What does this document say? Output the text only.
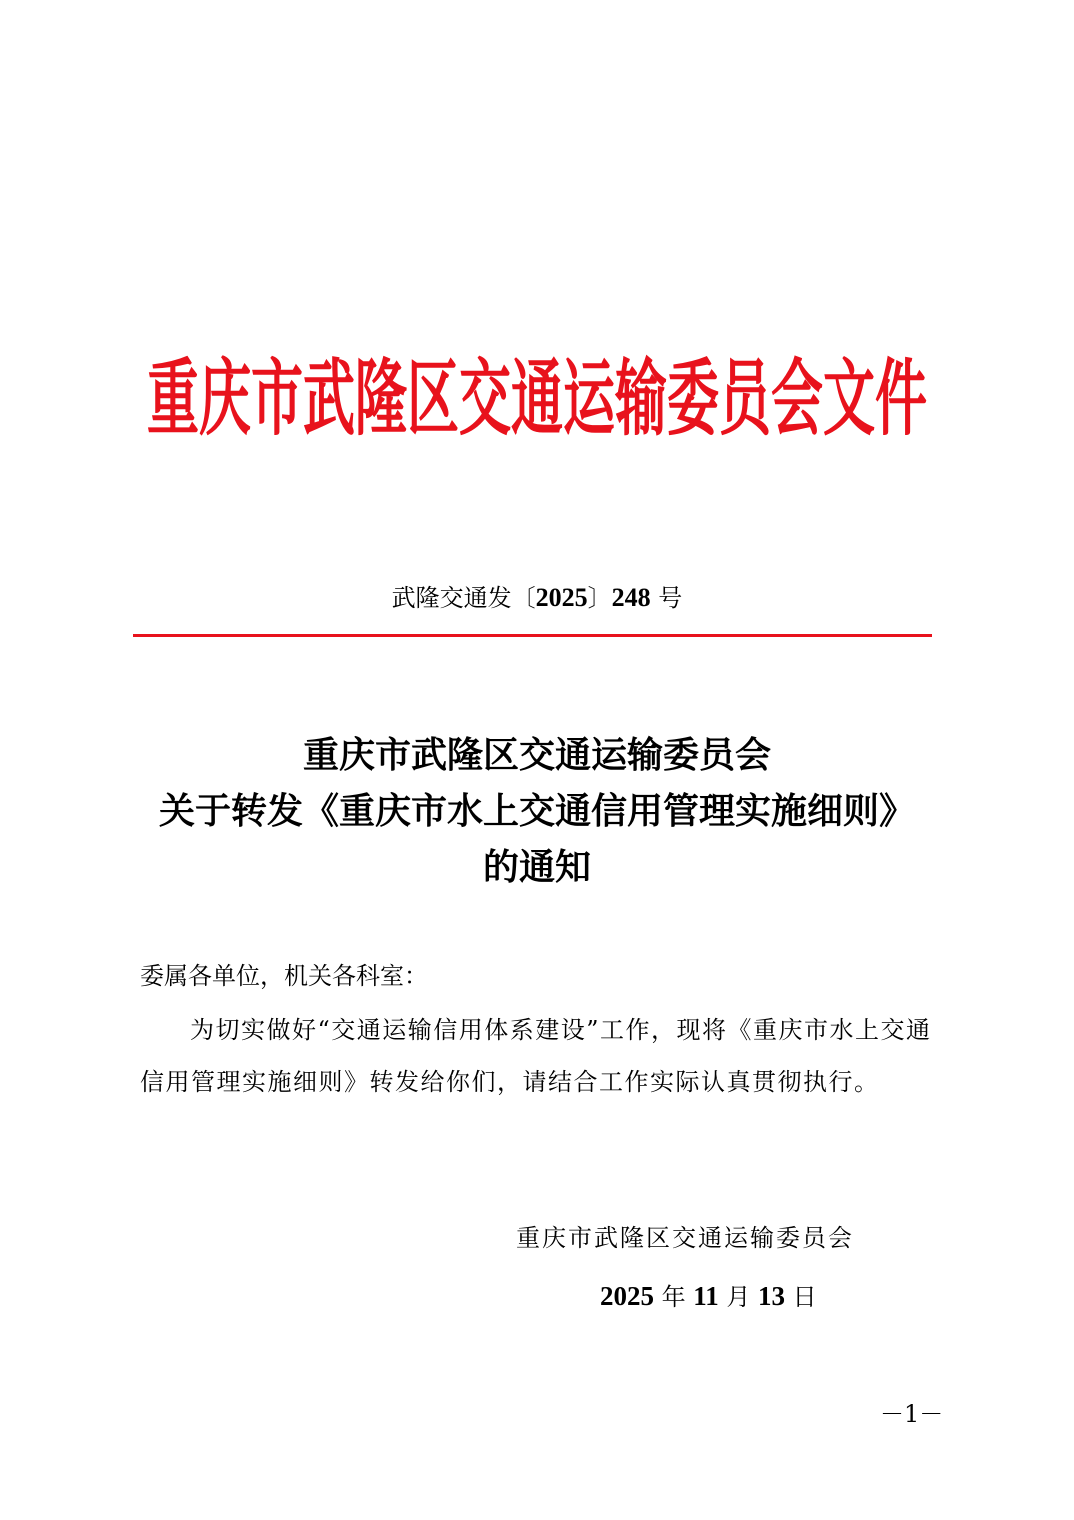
重庆市武隆区交通运输委员会文件
武隆交通发〔2025〕248 号
重庆市武隆区交通运输委员会
关于转发《重庆市水上交通信用管理实施细则》
的通知
委属各单位，机关各科室：
为切实做好“交通运输信用体系建设”工作，现将《重庆市水上交通信用管理实施细则》转发给你们，请结合工作实际认真贯彻执行。
重庆市武隆区交通运输委员会
2025 年 11 月 13 日
－1－
